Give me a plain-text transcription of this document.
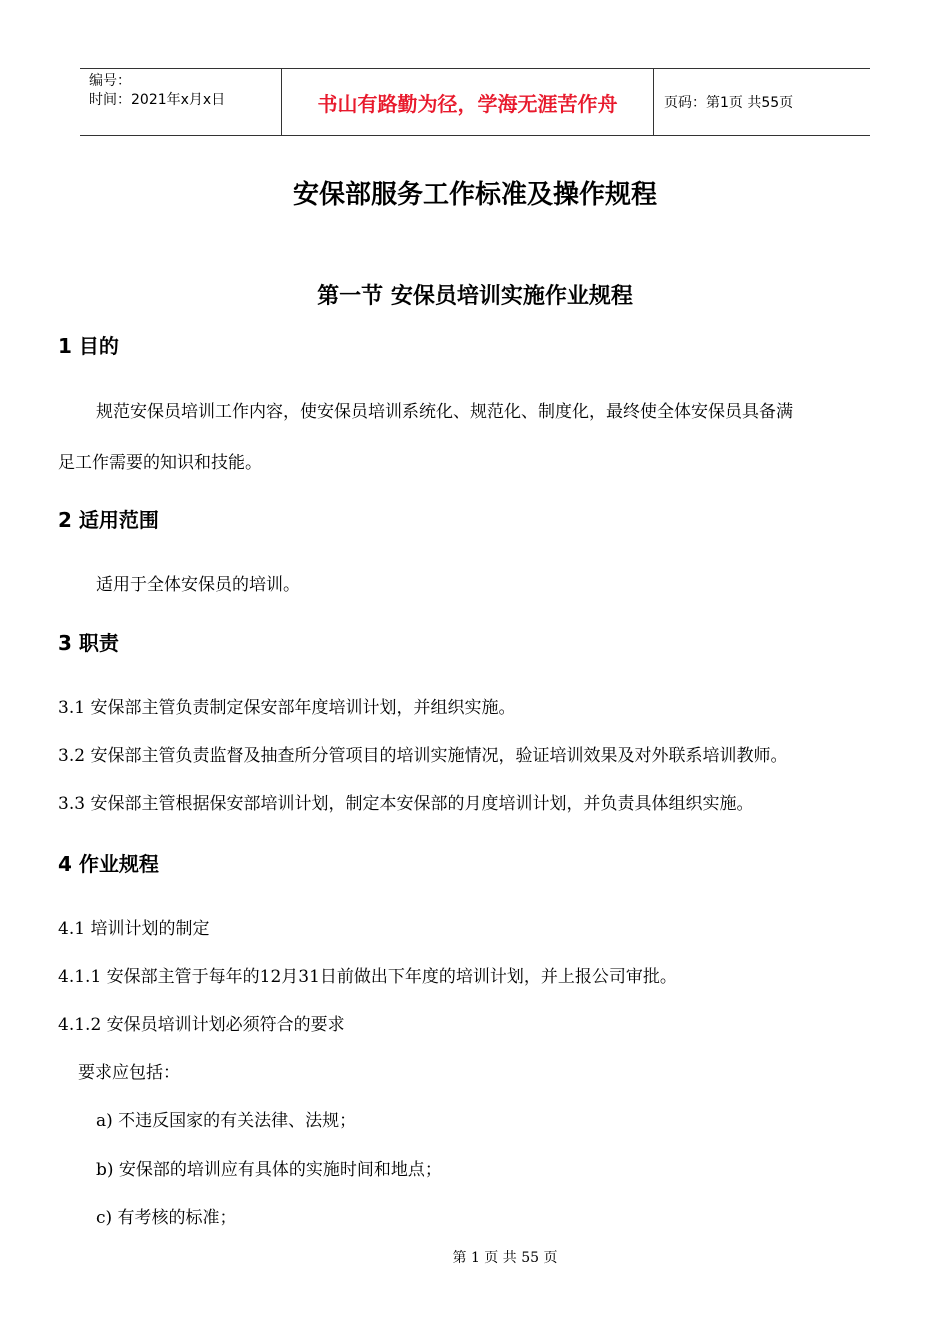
编号：
时间：2021年x月x日	书山有路勤为径，学海无涯苦作舟	页码：第1页 共55页
安保部服务工作标准及操作规程
第一节 安保员培训实施作业规程
1 目的
规范安保员培训工作内容，使安保员培训系统化、规范化、制度化，最终使全体安保员具备满
足工作需要的知识和技能。
2 适用范围
适用于全体安保员的培训。
3 职责
3.1 安保部主管负责制定保安部年度培训计划，并组织实施。
3.2 安保部主管负责监督及抽查所分管项目的培训实施情况，验证培训效果及对外联系培训教师。
3.3 安保部主管根据保安部培训计划，制定本安保部的月度培训计划，并负责具体组织实施。
4 作业规程
4.1 培训计划的制定
4.1.1 安保部主管于每年的12月31日前做出下年度的培训计划，并上报公司审批。
4.1.2 安保员培训计划必须符合的要求
要求应包括：
a) 不违反国家的有关法律、法规；
b) 安保部的培训应有具体的实施时间和地点；
c) 有考核的标准；
第 1 页 共 55 页
